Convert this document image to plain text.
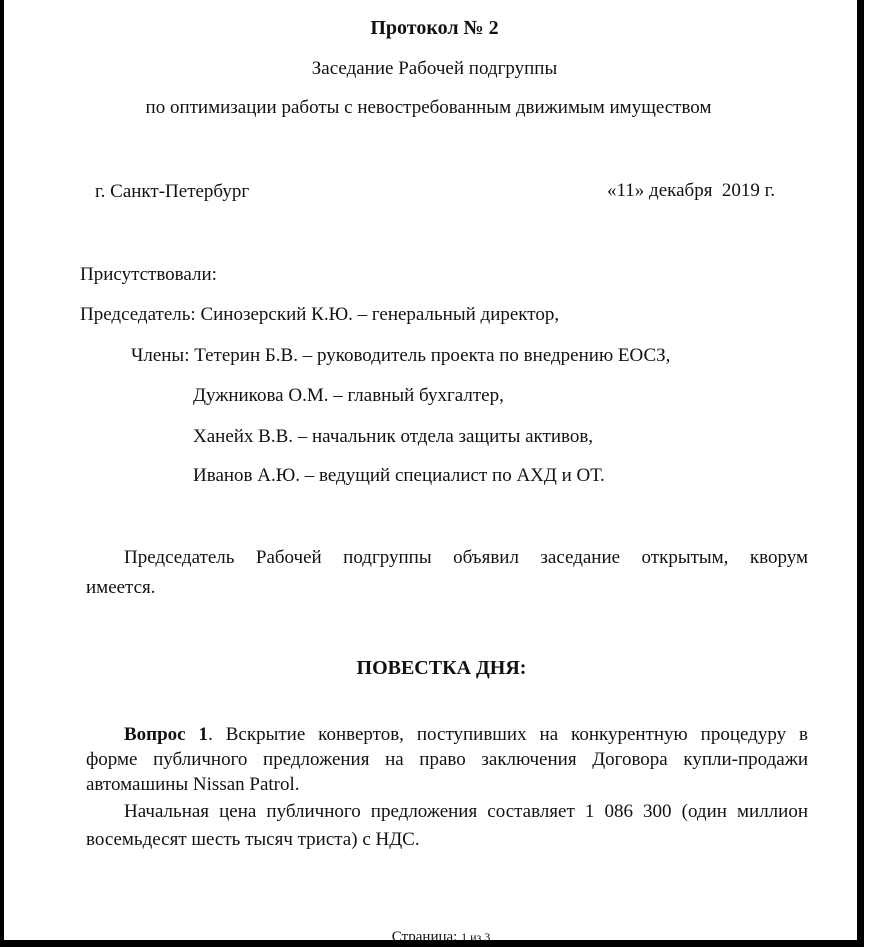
Протокол № 2
Заседание Рабочей подгруппы
по оптимизации работы с невостребованным движимым имуществом
г. Санкт-Петербург	«11» декабря  2019 г.
Присутствовали:
Председатель: Синозерский К.Ю. – генеральный директор,
Члены: Тетерин Б.В. – руководитель проекта по внедрению ЕОСЗ,
Дужникова О.М. – главный бухгалтер,
Ханейх В.В. – начальник отдела защиты активов,
Иванов А.Ю. – ведущий специалист по АХД и ОТ.
Председатель Рабочей подгруппы объявил заседание открытым, кворум
имеется.
ПОВЕСТКА ДНЯ:
Вопрос 1. Вскрытие конвертов, поступивших на конкурентную процедуру в
форме публичного предложения на право заключения Договора купли-продажи
автомашины Nissan Patrol.
Начальная цена публичного предложения составляет 1 086 300 (один миллион
восемьдесят шесть тысяч триста) с НДС.
Страница: 1 из 3
